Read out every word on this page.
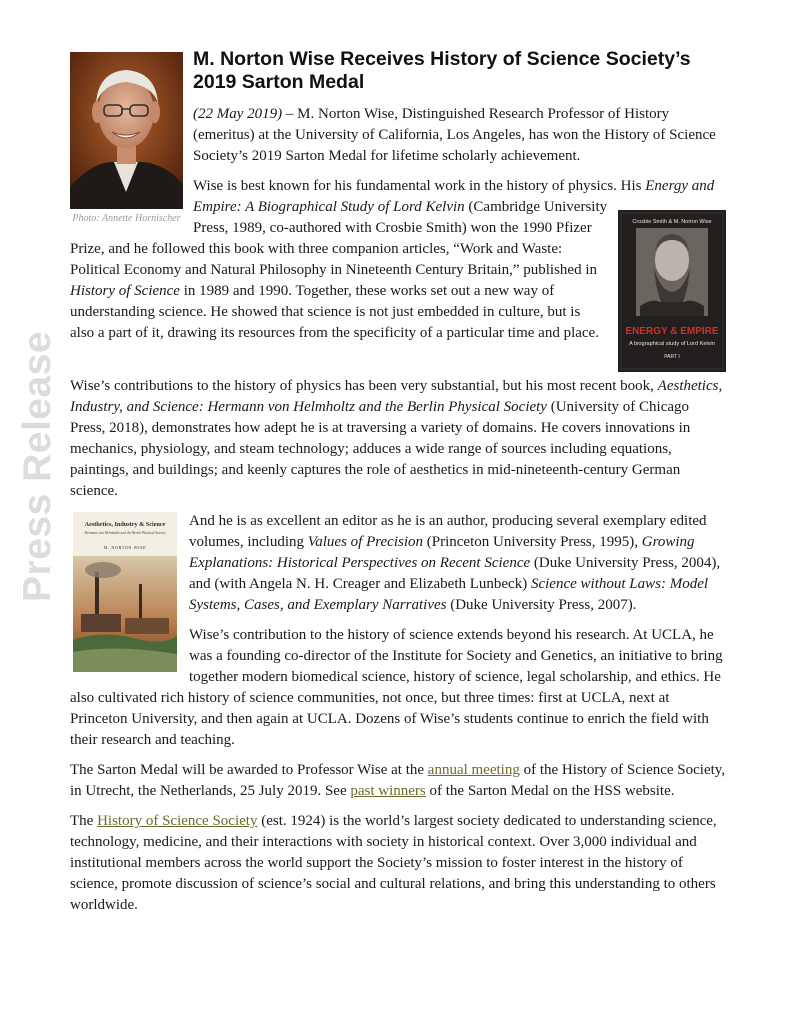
Press Release
Photo: Annette Hornischer
M. Norton Wise Receives History of Science Society’s 2019 Sarton Medal

(22 May 2019) – M. Norton Wise, Distinguished Research Professor of History (emeritus) at the University of California, Los Angeles, has won the History of Science Society’s 2019 Sarton Medal for lifetime scholarly achievement.

Crosbie Smith & M. Norton Wise
ENERGY & EMPIRE
A biographical study of Lord Kelvin
PART I

Wise is best known for his fundamental work in the history of physics. His Energy and Empire: A Biographical Study of Lord Kelvin (Cambridge University Press, 1989, co-authored with Crosbie Smith) won the 1990 Pfizer Prize, and he followed this book with three companion articles, “Work and Waste: Political Economy and Natural Philosophy in Nineteenth Century Britain,” published in History of Science in 1989 and 1990. Together, these works set out a new way of understanding science. He showed that science is not just embedded in culture, but is also a part of it, drawing its resources from the specificity of a particular time and place.

Wise’s contributions to the history of physics has been very substantial, but his most recent book, Aesthetics, Industry, and Science: Hermann von Helmholtz and the Berlin Physical Society (University of Chicago Press, 2018), demonstrates how adept he is at traversing a variety of domains. He covers innovations in mechanics, physiology, and steam technology; adduces a wide range of sources including equations, paintings, and buildings; and keenly captures the role of aesthetics in mid-nineteenth-century German science.

Aesthetics, Industry & Science
Hermann von Helmholtz and the Berlin Physical Society
M. NORTON WISE

And he is as excellent an editor as he is an author, producing several exemplary edited volumes, including Values of Precision (Princeton University Press, 1995), Growing Explanations: Historical Perspectives on Recent Science (Duke University Press, 2004), and (with Angela N. H. Creager and Elizabeth Lunbeck) Science without Laws: Model Systems, Cases, and Exemplary Narratives (Duke University Press, 2007).

Wise’s contribution to the history of science extends beyond his research. At UCLA, he was a founding co-director of the Institute for Society and Genetics, an initiative to bring together modern biomedical science, history of science, legal scholarship, and ethics. He also cultivated rich history of science communities, not once, but three times: first at UCLA, next at Princeton University, and then again at UCLA. Dozens of Wise’s students continue to enrich the field with their research and teaching.

The Sarton Medal will be awarded to Professor Wise at the annual meeting of the History of Science Society, in Utrecht, the Netherlands, 25 July 2019. See past winners of the Sarton Medal on the HSS website.

The History of Science Society (est. 1924) is the world’s largest society dedicated to understanding science, technology, medicine, and their interactions with society in historical context. Over 3,000 individual and institutional members across the world support the Society’s mission to foster interest in the history of science, promote discussion of science’s social and cultural relations, and bring this understanding to others worldwide.
